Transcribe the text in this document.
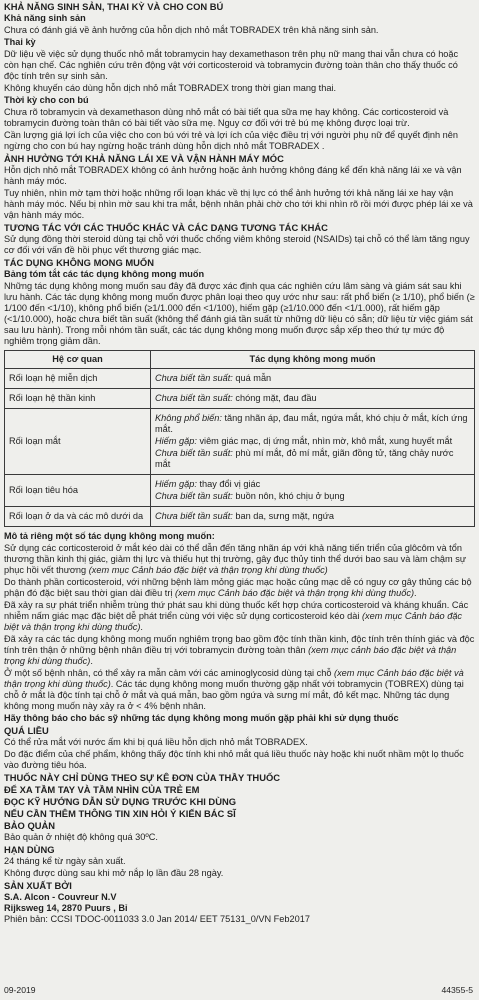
KHẢ NĂNG SINH SẢN, THAI KỲ VÀ CHO CON BÚ
Khả năng sinh sản

Chưa có đánh giá về ảnh hưởng của hỗn dịch nhỏ mắt TOBRADEX trên khả năng sinh sản.

Thai kỳ

Dữ liệu về việc sử dụng thuốc nhỏ mắt tobramycin hay dexamethason trên phụ nữ mang thai vẫn chưa có hoặc còn hạn chế. Các nghiên cứu trên động vật với corticosteroid và tobramycin đường toàn thân cho thấy thuốc có độc tính trên sự sinh sản.

Không khuyến cáo dùng hỗn dịch nhỏ mắt TOBRADEX trong thời gian mang thai.

Thời kỳ cho con bú

Chưa rõ tobramycin và dexamethason dùng nhỏ mắt có bài tiết qua sữa mẹ hay không. Các corticosteroid và tobramycin đường toàn thân có bài tiết vào sữa mẹ. Nguy cơ đối với trẻ bú mẹ không được loại trừ.

Cần lượng giá lợi ích của việc cho con bú với trẻ và lợi ích của việc điều trị với người phụ nữ để quyết định nên ngừng cho con bú hay ngừng hoặc tránh dùng hỗn dịch nhỏ mắt TOBRADEX .

ẢNH HƯỞNG TỚI KHẢ NĂNG LÁI XE VÀ VẬN HÀNH MÁY MÓC

Hỗn dịch nhỏ mắt TOBRADEX không có ảnh hưởng hoặc ảnh hưởng không đáng kể đến khả năng lái xe và vận hành máy móc.

Tuy nhiên, nhìn mờ tạm thời hoặc những rối loạn khác về thị lực có thể ảnh hưởng tới khả năng lái xe hay vận hành máy móc. Nếu bị nhìn mờ sau khi tra mắt, bệnh nhân phải chờ cho tới khi nhìn rõ rồi mới được phép lái xe và vận hành máy móc.

TƯƠNG TÁC VỚI CÁC THUỐC KHÁC VÀ CÁC DẠNG TƯƠNG TÁC KHÁC

Sử dụng đồng thời steroid dùng tại chỗ với thuốc chống viêm không steroid (NSAIDs) tại chỗ có thể làm tăng nguy cơ đối với vấn đề hồi phục vết thương giác mạc.

TÁC DỤNG KHÔNG MONG MUỐN
Bảng tóm tắt các tác dụng không mong muốn

Những tác dụng không mong muốn sau đây đã được xác định qua các nghiên cứu lâm sàng và giám sát sau khi lưu hành. Các tác dụng không mong muốn được phân loại theo quy ước như sau: rất phổ biến (≥ 1/10), phổ biến (≥ 1/100 đến <1/10), không phổ biến (≥1/1.000 đến <1/100), hiếm gặp (≥1/10.000 đến <1/1.000), rất hiếm gặp (<1/10.000), hoặc chưa biết tần suất (không thể đánh giá tần suất từ những dữ liệu có sẵn; dữ liệu từ việc giám sát sau lưu hành). Trong mỗi nhóm tần suất, các tác dụng không mong muốn được sắp xếp theo thứ tự mức độ nghiêm trọng giảm dần.

Hệ cơ quan	Tác dụng không mong muốn
Rối loạn hệ miễn dịch	Chưa biết tần suất: quá mẫn

Rối loạn hệ thần kinh	Chưa biết tần suất: chóng mặt, đau đầu

Rối loạn mắt	Không phổ biến: tăng nhãn áp, đau mắt, ngứa mắt, khó chịu ở mắt, kích ứng mắt.
Hiếm gặp: viêm giác mạc, dị ứng mắt, nhìn mờ, khô mắt, xung huyết mắt
Chưa biết tần suất: phù mí mắt, đỏ mí mắt, giãn đồng tử, tăng chảy nước mắt

Rối loạn tiêu hóa	Hiếm gặp: thay đổi vị giác
Chưa biết tần suất: buồn nôn, khó chịu ở bụng

Rối loạn ở da và các mô dưới da	Chưa biết tần suất: ban da, sưng mặt, ngứa
Mô tả riêng một số tác dụng không mong muốn:

Sử dụng các corticosteroid ở mắt kéo dài có thể dẫn đến tăng nhãn áp với khả năng tiến triển của glôcôm và tổn thương thần kinh thị giác, giảm thị lực và thiếu hụt thị trường, gây đục thủy tinh thể dưới bao sau và làm chậm sự phục hồi vết thương (xem mục Cảnh báo đặc biệt và thận trọng khi dùng thuốc)

Do thành phần corticosteroid, với những bệnh làm mỏng giác mạc hoặc củng mạc dễ có nguy cơ gây thủng các bộ phận đó đặc biệt sau thời gian dài điều trị (xem mục Cảnh báo đặc biệt và thận trọng khi dùng thuốc).

Đã xảy ra sự phát triển nhiễm trùng thứ phát sau khi dùng thuốc kết hợp chứa corticosteroid và kháng khuẩn. Các nhiễm nấm giác mạc đặc biệt dễ phát triển cùng với việc sử dụng corticosteroid kéo dài (xem mục Cảnh báo đặc biệt và thận trọng khi dùng thuốc).

Đã xảy ra các tác dụng không mong muốn nghiêm trọng bao gồm độc tính thần kinh, độc tính trên thính giác và độc tính trên thận ở những bệnh nhân điều trị với tobramycin đường toàn thân (xem mục cảnh báo đặc biệt và thận trọng khi dùng thuốc).

Ở một số bệnh nhân, có thể xảy ra mẫn cảm với các aminoglycosid dùng tại chỗ (xem mục Cảnh báo đặc biệt và thận trọng khi dùng thuốc). Các tác dụng không mong muốn thường gặp nhất với tobramycin (TOBREX) dùng tại chỗ ở mắt là độc tính tại chỗ ở mắt và quá mẫn, bao gồm ngứa và sưng mí mắt, đỏ kết mạc. Những tác dụng không mong muốn này xảy ra ở < 4% bệnh nhân.

Hãy thông báo cho bác sỹ những tác dụng không mong muốn gặp phải khi sử dụng thuốc

QUÁ LIỀU

Có thể rửa mắt với nước ấm khi bị quá liều hỗn dịch nhỏ mắt TOBRADEX.

Do đặc điểm của chế phẩm, không thấy độc tính khi nhỏ mắt quá liều thuốc này hoặc khi nuốt nhầm một lọ thuốc vào đường tiêu hóa.

THUỐC NÀY CHỈ DÙNG THEO SỰ KÊ ĐƠN CỦA THẦY THUỐC
ĐỂ XA TẦM TAY VÀ TẦM NHÌN CỦA TRẺ EM
ĐỌC KỸ HƯỚNG DẪN SỬ DỤNG TRƯỚC KHI DÙNG
NẾU CẦN THÊM THÔNG TIN XIN HỎI Ý KIẾN BÁC SĨ
BẢO QUẢN

Bảo quản ở nhiệt độ không quá 30ºC.

HẠN DÙNG

24 tháng kể từ ngày sản xuất.

Không được dùng sau khi mở nắp lọ lần đầu 28 ngày.

SẢN XUẤT BỞI
S.A. Alcon - Couvreur N.V
Rijksweg 14, 2870 Puurs , Bỉ

Phiên bản: CCSI TDOC-0011033 3.0 Jan 2014/ EET 75131_0/VN Feb2017

09-2019	44355-5
